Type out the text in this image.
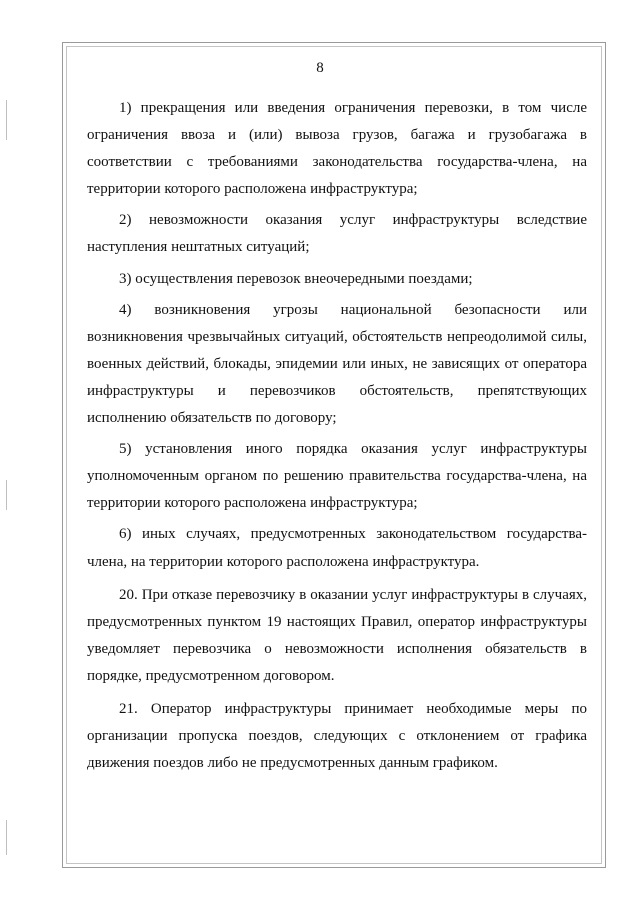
8

1) прекращения или введения ограничения перевозки, в том числе ограничения ввоза и (или) вывоза грузов, багажа и грузобагажа в соответствии с требованиями законодательства государства-члена, на территории которого расположена инфраструктура;

2) невозможности оказания услуг инфраструктуры вследствие наступления нештатных ситуаций;

3) осуществления перевозок внеочередными поездами;

4) возникновения угрозы национальной безопасности или возникновения чрезвычайных ситуаций, обстоятельств непреодолимой силы, военных действий, блокады, эпидемии или иных, не зависящих от оператора инфраструктуры и перевозчиков обстоятельств, препятствующих исполнению обязательств по договору;

5) установления иного порядка оказания услуг инфраструктуры уполномоченным органом по решению правительства государства-члена, на территории которого расположена инфраструктура;

6) иных случаях, предусмотренных законодательством государства-члена, на территории которого расположена инфраструктура.

20. При отказе перевозчику в оказании услуг инфраструктуры в случаях, предусмотренных пунктом 19 настоящих Правил, оператор инфраструктуры уведомляет перевозчика о невозможности исполнения обязательств в порядке, предусмотренном договором.

21. Оператор инфраструктуры принимает необходимые меры по организации пропуска поездов, следующих с отклонением от графика движения поездов либо не предусмотренных данным графиком.
